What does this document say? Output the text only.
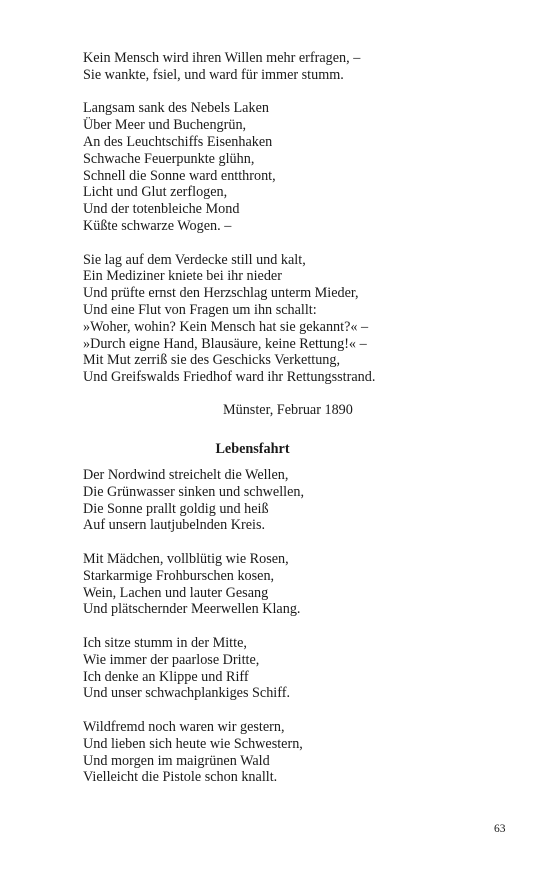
Kein Mensch wird ihren Willen mehr erfragen, –
Sie wankte, fsiel, und ward für immer stumm.
Langsam sank des Nebels Laken
Über Meer und Buchengrün,
An des Leuchtschiffs Eisenhaken
Schwache Feuerpunkte glühn,
Schnell die Sonne ward entthront,
Licht und Glut zerflogen,
Und der totenbleiche Mond
Küßte schwarze Wogen. –
Sie lag auf dem Verdecke still und kalt,
Ein Mediziner kniete bei ihr nieder
Und prüfte ernst den Herzschlag unterm Mieder,
Und eine Flut von Fragen um ihn schallt:
»Woher, wohin? Kein Mensch hat sie gekannt?« –
»Durch eigne Hand, Blausäure, keine Rettung!« –
Mit Mut zerriß sie des Geschicks Verkettung,
Und Greifswalds Friedhof ward ihr Rettungsstrand.
Münster, Februar 1890
Lebensfahrt
Der Nordwind streichelt die Wellen,
Die Grünwasser sinken und schwellen,
Die Sonne prallt goldig und heiß
Auf unsern lautjubelnden Kreis.
Mit Mädchen, vollblütig wie Rosen,
Starkarmige Frohburschen kosen,
Wein, Lachen und lauter Gesang
Und plätschernder Meerwellen Klang.
Ich sitze stumm in der Mitte,
Wie immer der paarlose Dritte,
Ich denke an Klippe und Riff
Und unser schwachplankiges Schiff.
Wildfremd noch waren wir gestern,
Und lieben sich heute wie Schwestern,
Und morgen im maigrünen Wald
Vielleicht die Pistole schon knallt.
63
